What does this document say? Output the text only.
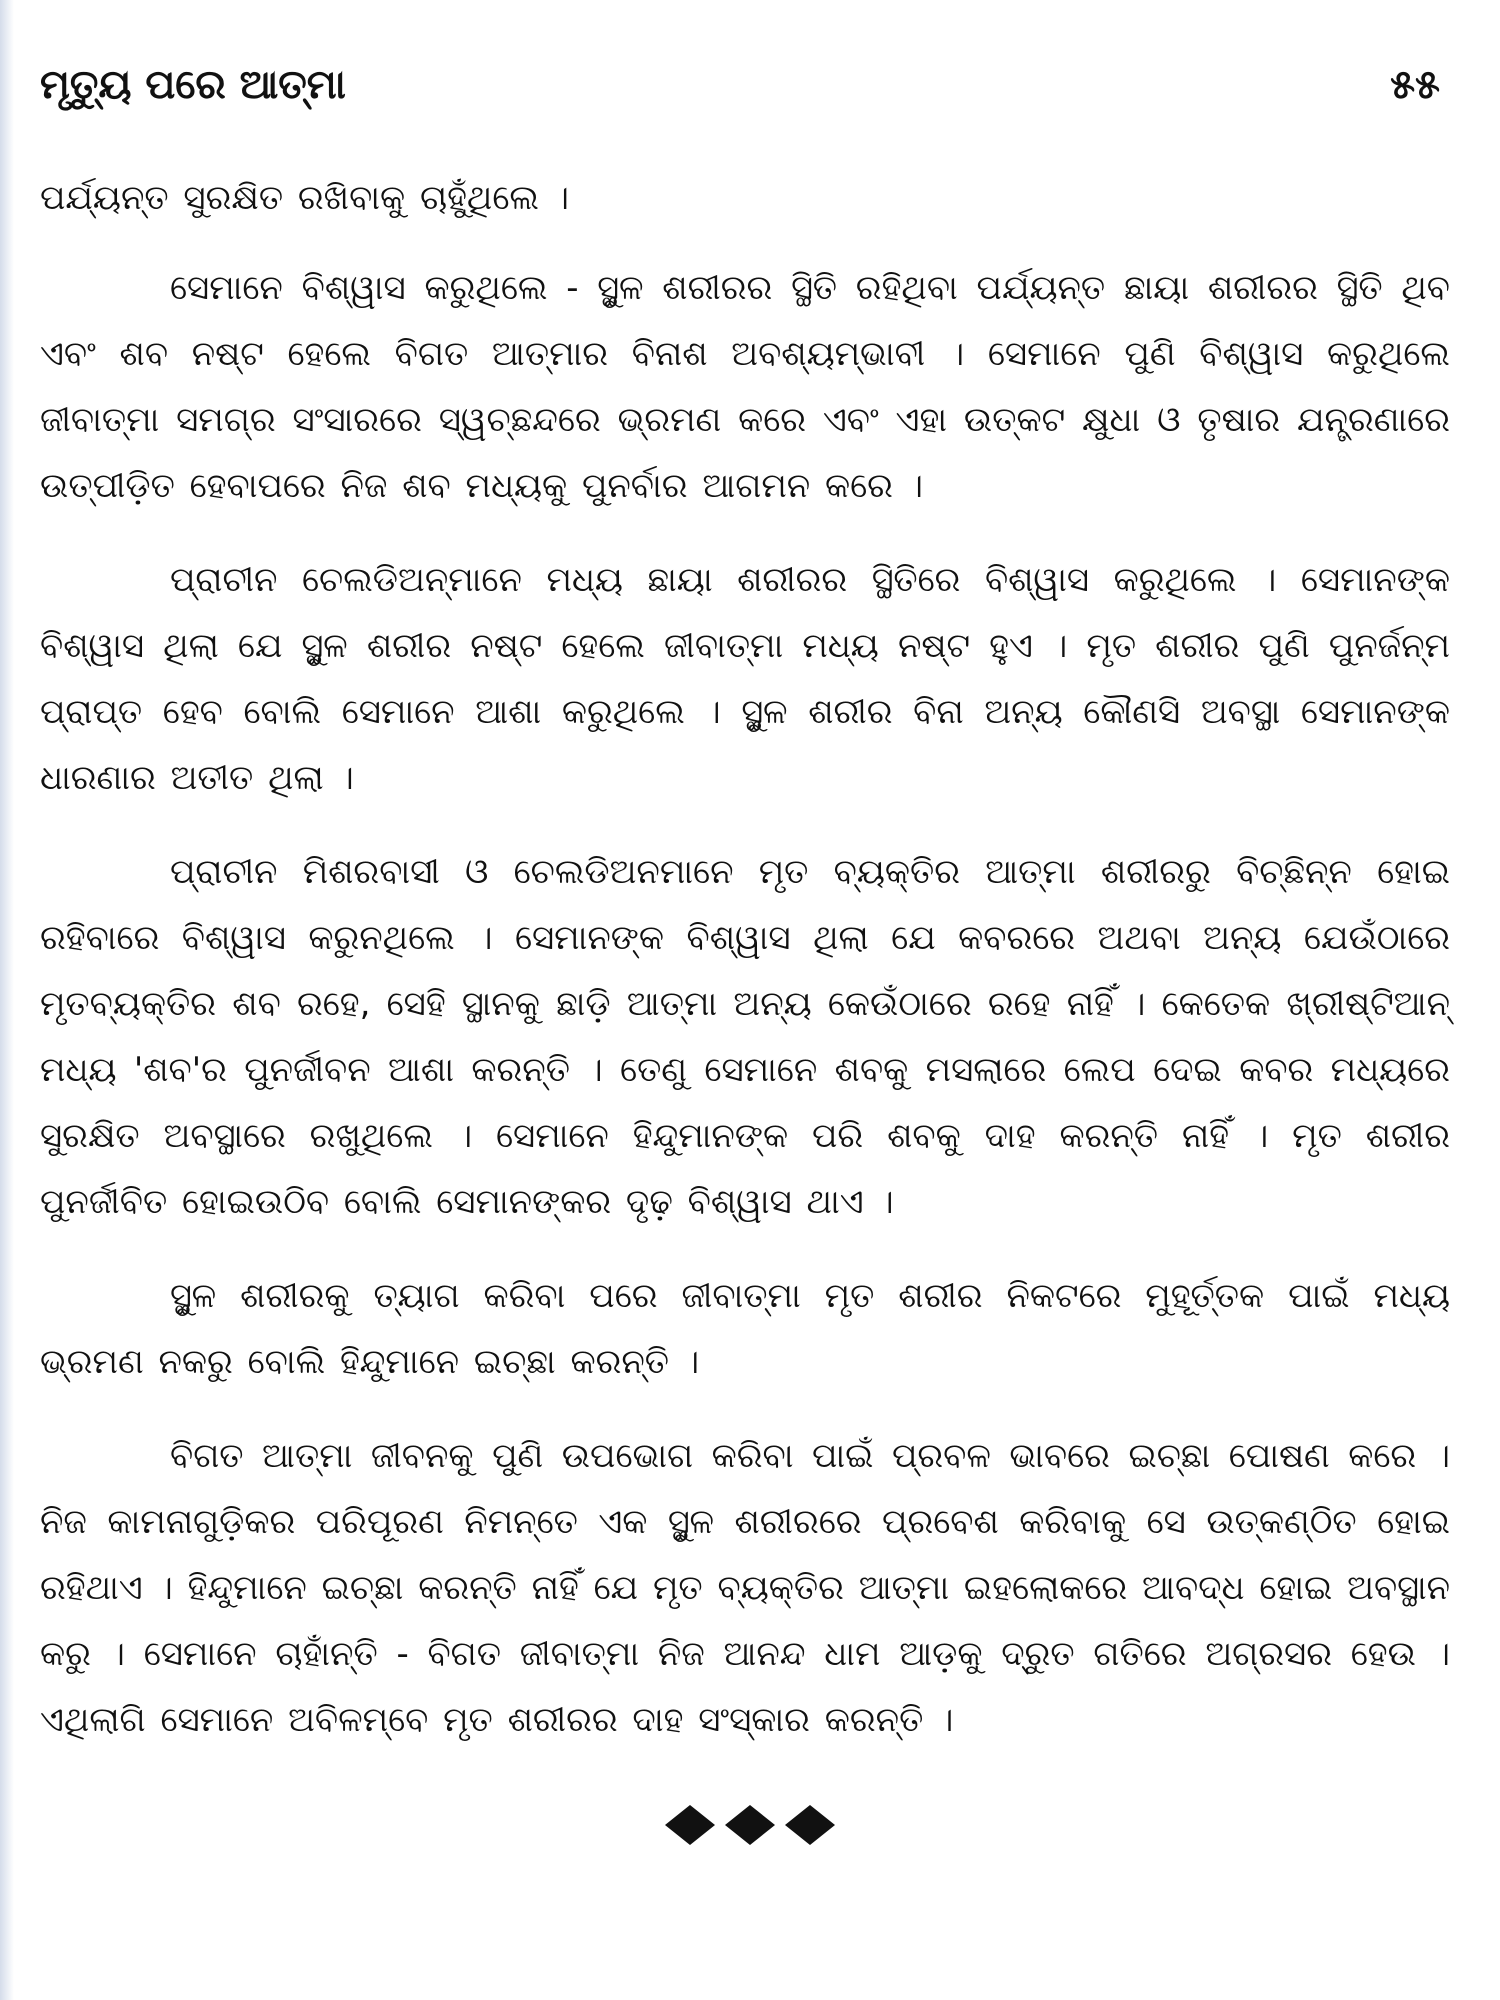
ମୃତ୍ୟୁ ପରେ ଆତ୍ମା	୫୫

ପର୍ଯ୍ୟନ୍ତ ସୁରକ୍ଷିତ ରଖିବାକୁ ଚାହୁଁଥିଲେ ।

ସେମାନେ ବିଶ୍ୱାସ କରୁଥିଲେ - ସ୍ଥୁଳ ଶରୀରର ସ୍ଥିତି ରହିଥିବା ପର୍ଯ୍ୟନ୍ତ ଛାୟା ଶରୀରର ସ୍ଥିତି ଥିବ ଏବଂ ଶବ ନଷ୍ଟ ହେଲେ ବିଗତ ଆତ୍ମାର ବିନାଶ ଅବଶ୍ୟମ୍ଭାବୀ । ସେମାନେ ପୁଣି ବିଶ୍ୱାସ କରୁଥିଲେ ଜୀବାତ୍ମା ସମଗ୍ର ସଂସାରରେ ସ୍ୱଚ୍ଛନ୍ଦରେ ଭ୍ରମଣ କରେ ଏବଂ ଏହା ଉତ୍କଟ କ୍ଷୁଧା ଓ ତୃଷାର ଯନ୍ତ୍ରଣାରେ ଉତ୍ପୀଡ଼ିତ ହେବାପରେ ନିଜ ଶବ ମଧ୍ୟକୁ ପୁନର୍ବାର ଆଗମନ କରେ ।

ପ୍ରାଚୀନ ଚେଲଡିଅନ୍‌ମାନେ ମଧ୍ୟ ଛାୟା ଶରୀରର ସ୍ଥିତିରେ ବିଶ୍ୱାସ କରୁଥିଲେ । ସେମାନଙ୍କ ବିଶ୍ୱାସ ଥିଲା ଯେ ସ୍ଥୁଳ ଶରୀର ନଷ୍ଟ ହେଲେ ଜୀବାତ୍ମା ମଧ୍ୟ ନଷ୍ଟ ହୁଏ । ମୃତ ଶରୀର ପୁଣି ପୁନର୍ଜନ୍ମ ପ୍ରାପ୍ତ ହେବ ବୋଲି ସେମାନେ ଆଶା କରୁଥିଲେ । ସ୍ଥୁଳ ଶରୀର ବିନା ଅନ୍ୟ କୌଣସି ଅବସ୍ଥା ସେମାନଙ୍କ ଧାରଣାର ଅତୀତ ଥିଲା ।

ପ୍ରାଚୀନ ମିଶରବାସୀ ଓ ଚେଲଡିଅନମାନେ ମୃତ ବ୍ୟକ୍ତିର ଆତ୍ମା ଶରୀରରୁ ବିଚ୍ଛିନ୍ନ ହୋଇ ରହିବାରେ ବିଶ୍ୱାସ କରୁନଥିଲେ । ସେମାନଙ୍କ ବିଶ୍ୱାସ ଥିଲା ଯେ କବରରେ ଅଥବା ଅନ୍ୟ ଯେଉଁଠାରେ ମୃତବ୍ୟକ୍ତିର ଶବ ରହେ, ସେହି ସ୍ଥାନକୁ ଛାଡ଼ି ଆତ୍ମା ଅନ୍ୟ କେଉଁଠାରେ ରହେ ନାହିଁ । କେତେକ ଖ୍ରୀଷ୍ଟିଆନ୍ ମଧ୍ୟ 'ଶବ'ର ପୁନର୍ଜୀବନ ଆଶା କରନ୍ତି । ତେଣୁ ସେମାନେ ଶବକୁ ମସଲାରେ ଲେପ ଦେଇ କବର ମଧ୍ୟରେ ସୁରକ୍ଷିତ ଅବସ୍ଥାରେ ରଖୁଥିଲେ । ସେମାନେ ହିନ୍ଦୁମାନଙ୍କ ପରି ଶବକୁ ଦାହ କରନ୍ତି ନାହିଁ । ମୃତ ଶରୀର ପୁନର୍ଜୀବିତ ହୋଇଉଠିବ ବୋଲି ସେମାନଙ୍କର ଦୃଢ଼ ବିଶ୍ୱାସ ଥାଏ ।

ସ୍ଥୁଳ ଶରୀରକୁ ତ୍ୟାଗ କରିବା ପରେ ଜୀବାତ୍ମା ମୃତ ଶରୀର ନିକଟରେ ମୁହୂର୍ତ୍ତକ ପାଇଁ ମଧ୍ୟ ଭ୍ରମଣ ନକରୁ ବୋଲି ହିନ୍ଦୁମାନେ ଇଚ୍ଛା କରନ୍ତି ।

ବିଗତ ଆତ୍ମା ଜୀବନକୁ ପୁଣି ଉପଭୋଗ କରିବା ପାଇଁ ପ୍ରବଳ ଭାବରେ ଇଚ୍ଛା ପୋଷଣ କରେ । ନିଜ କାମନାଗୁଡ଼ିକର ପରିପୂରଣ ନିମନ୍ତେ ଏକ ସ୍ଥୁଳ ଶରୀରରେ ପ୍ରବେଶ କରିବାକୁ ସେ ଉତ୍କଣ୍ଠିତ ହୋଇ ରହିଥାଏ । ହିନ୍ଦୁମାନେ ଇଚ୍ଛା କରନ୍ତି ନାହିଁ ଯେ ମୃତ ବ୍ୟକ୍ତିର ଆତ୍ମା ଇହଲୋକରେ ଆବଦ୍ଧ ହୋଇ ଅବସ୍ଥାନ କରୁ । ସେମାନେ ଚାହାଁନ୍ତି - ବିଗତ ଜୀବାତ୍ମା ନିଜ ଆନନ୍ଦ ଧାମ ଆଡ଼କୁ ଦ୍ରୁତ ଗତିରେ ଅଗ୍ରସର ହେଉ । ଏଥିଲାଗି ସେମାନେ ଅବିଳମ୍ବେ ମୃତ ଶରୀରର ଦାହ ସଂସ୍କାର କରନ୍ତି ।
